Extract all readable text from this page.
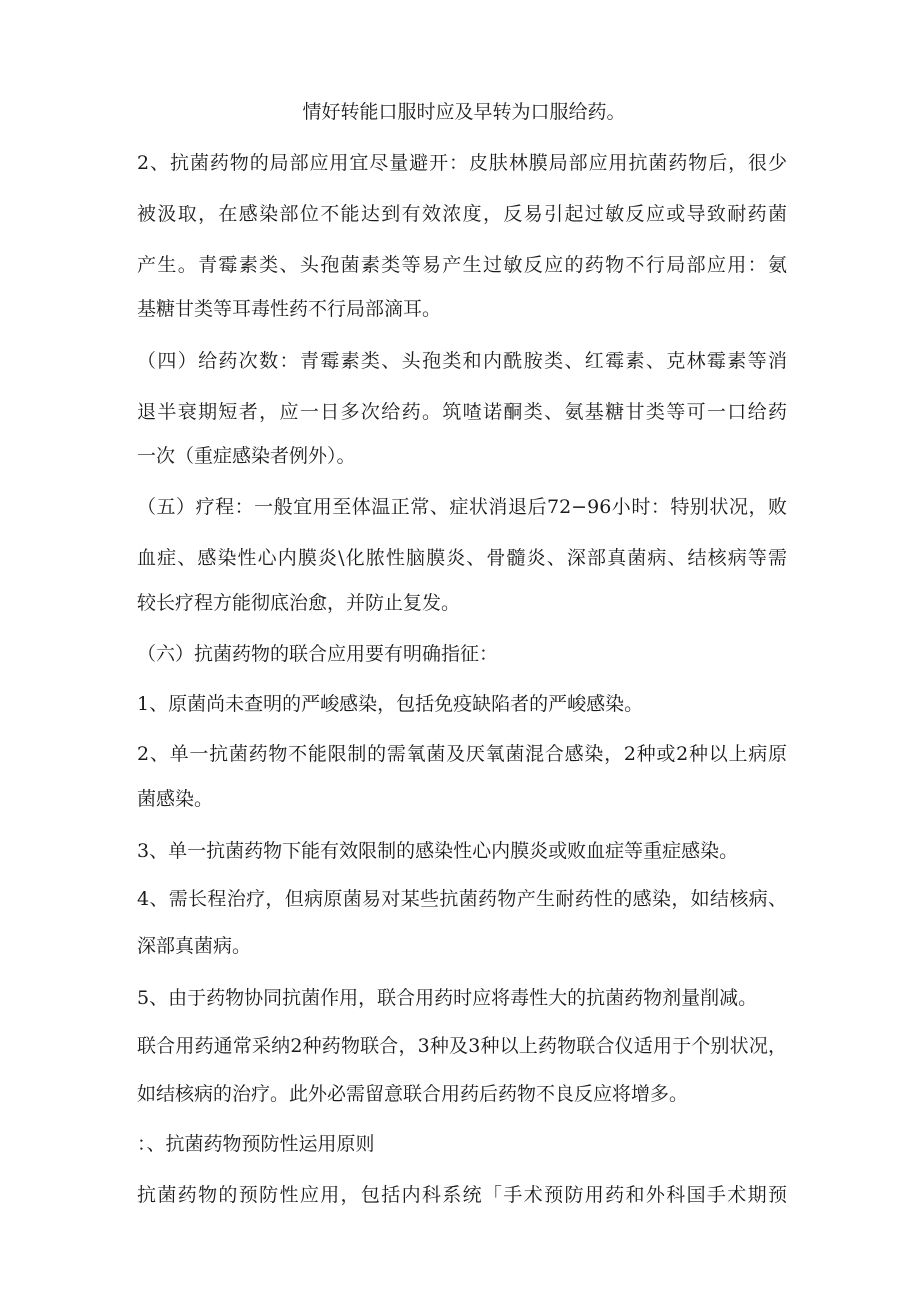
情好转能口服时应及早转为口服给药。
2、抗菌药物的局部应用宜尽量避开：皮肤林膜局部应用抗菌药物后，很少
被汲取，在感染部位不能达到有效浓度，反易引起过敏反应或导致耐药菌
产生。青霉素类、头孢菌素类等易产生过敏反应的药物不行局部应用：氨
基糖甘类等耳毒性药不行局部滴耳。
（四）给药次数：青霉素类、头孢类和内酰胺类、红霉素、克林霉素等消
退半衰期短者，应一日多次给药。筑喳诺酮类、氨基糖甘类等可一口给药
一次（重症感染者例外）。
（五）疗程：一般宜用至体温正常、症状消退后72−96小时：特别状况，败
血症、感染性心内膜炎\化脓性脑膜炎、骨髓炎、深部真菌病、结核病等需
较长疗程方能彻底治愈，并防止复发。
（六）抗菌药物的联合应用要有明确指征：
1、原菌尚未查明的严峻感染，包括免疫缺陷者的严峻感染。
2、单一抗菌药物不能限制的需氧菌及厌氧菌混合感染，2种或2种以上病原
菌感染。
3、单一抗菌药物下能有效限制的感染性心内膜炎或败血症等重症感染。
4、需长程治疗，但病原菌易对某些抗菌药物产生耐药性的感染，如结核病、
深部真菌病。
5、由于药物协同抗菌作用，联合用药时应将毒性大的抗菌药物剂量削减。
联合用药通常采纳2种药物联合，3种及3种以上药物联合仪适用于个别状况，
如结核病的治疗。此外必需留意联合用药后药物不良反应将增多。
：、抗菌药物预防性运用原则
抗菌药物的预防性应用，包括内科系统「手术预防用药和外科国手术期预
